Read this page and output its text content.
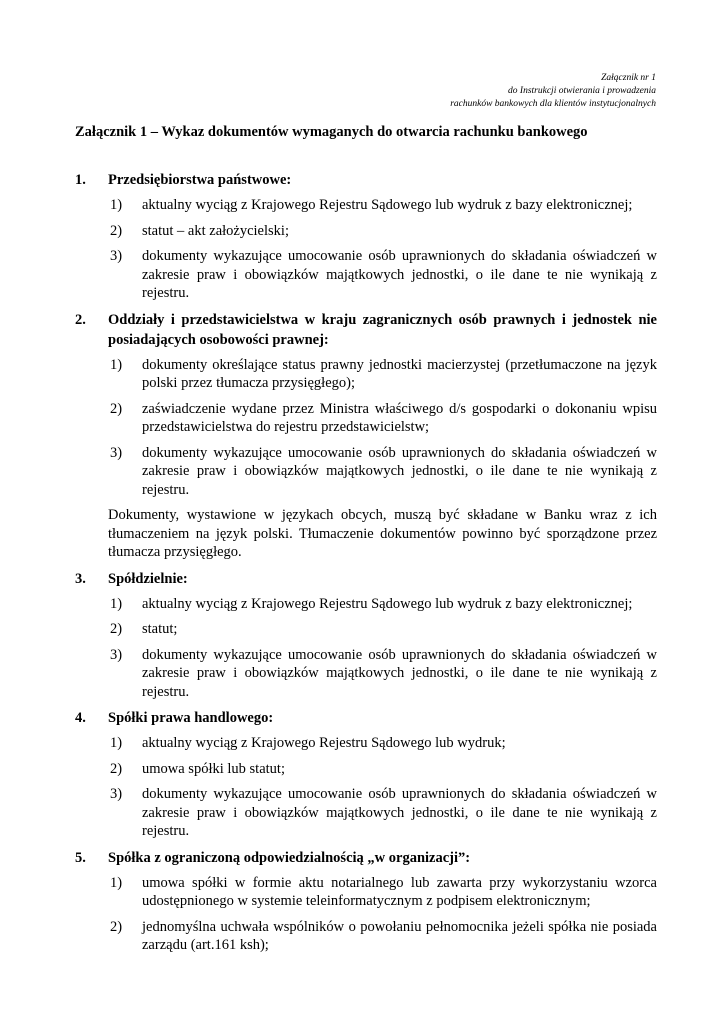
Załącznik nr 1
do Instrukcji otwierania i prowadzenia
rachunków bankowych dla klientów instytucjonalnych
Załącznik 1 – Wykaz dokumentów wymaganych do otwarcia rachunku bankowego
1. Przedsiębiorstwa państwowe:
1) aktualny wyciąg z Krajowego Rejestru Sądowego lub wydruk z bazy elektronicznej;
2) statut – akt założycielski;
3) dokumenty wykazujące umocowanie osób uprawnionych do składania oświadczeń w zakresie praw i obowiązków majątkowych jednostki, o ile dane te nie wynikają z rejestru.
2. Oddziały i przedstawicielstwa w kraju zagranicznych osób prawnych i jednostek nie posiadających osobowości prawnej:
1) dokumenty określające status prawny jednostki macierzystej (przetłumaczone na język polski przez tłumacza przysięgłego);
2) zaświadczenie wydane przez Ministra właściwego d/s gospodarki o dokonaniu wpisu przedstawicielstwa do rejestru przedstawicielstw;
3) dokumenty wykazujące umocowanie osób uprawnionych do składania oświadczeń w zakresie praw i obowiązków majątkowych jednostki, o ile dane te nie wynikają z rejestru.
Dokumenty, wystawione w językach obcych, muszą być składane w Banku wraz z ich tłumaczeniem na język polski. Tłumaczenie dokumentów powinno być sporządzone przez tłumacza przysięgłego.
3. Spółdzielnie:
1) aktualny wyciąg z Krajowego Rejestru Sądowego lub wydruk z bazy elektronicznej;
2) statut;
3) dokumenty wykazujące umocowanie osób uprawnionych do składania oświadczeń w zakresie praw i obowiązków majątkowych jednostki, o ile dane te nie wynikają z rejestru.
4. Spółki prawa handlowego:
1) aktualny wyciąg z Krajowego Rejestru Sądowego lub wydruk;
2) umowa spółki lub statut;
3) dokumenty wykazujące umocowanie osób uprawnionych do składania oświadczeń w zakresie praw i obowiązków majątkowych jednostki, o ile dane te nie wynikają z rejestru.
5. Spółka z ograniczoną odpowiedzialnością „w organizacji”:
1) umowa spółki w formie aktu notarialnego lub zawarta przy wykorzystaniu wzorca udostępnionego w systemie teleinformatycznym z podpisem elektronicznym;
2) jednomyślna uchwała wspólników o powołaniu pełnomocnika jeżeli spółka nie posiada zarządu (art.161 ksh);
